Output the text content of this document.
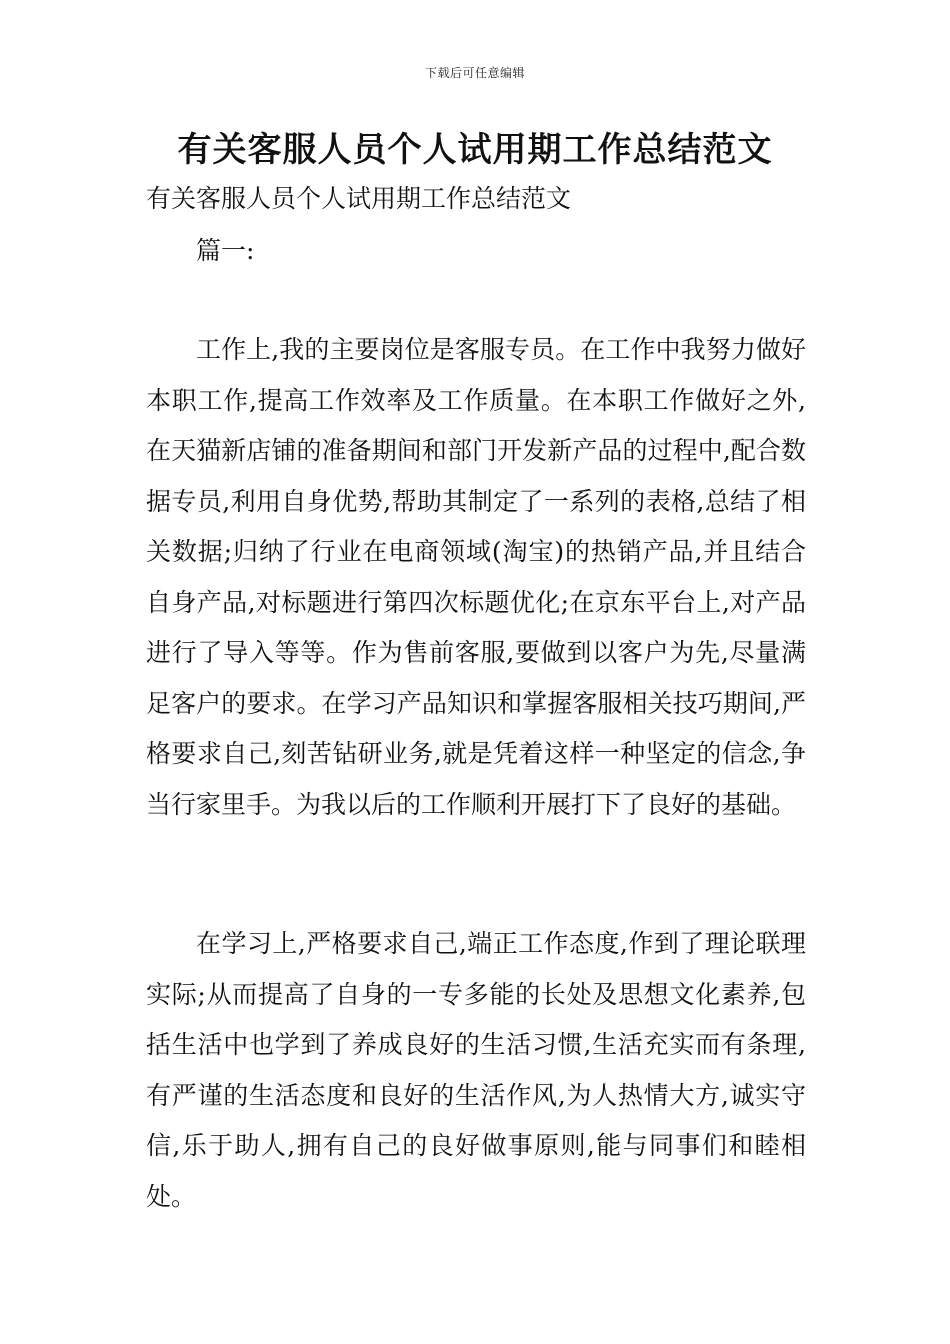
下载后可任意编辑
有关客服人员个人试用期工作总结范文
有关客服人员个人试用期工作总结范文
篇一:

工作上,我的主要岗位是客服专员。在工作中我努力做好本职工作,提高工作效率及工作质量。在本职工作做好之外,在天猫新店铺的准备期间和部门开发新产品的过程中,配合数据专员,利用自身优势,帮助其制定了一系列的表格,总结了相关数据;归纳了行业在电商领域(淘宝)的热销产品,并且结合自身产品,对标题进行第四次标题优化;在京东平台上,对产品进行了导入等等。作为售前客服,要做到以客户为先,尽量满足客户的要求。在学习产品知识和掌握客服相关技巧期间,严格要求自己,刻苦钻研业务,就是凭着这样一种坚定的信念,争当行家里手。为我以后的工作顺利开展打下了良好的基础。

在学习上,严格要求自己,端正工作态度,作到了理论联理实际;从而提高了自身的一专多能的长处及思想文化素养,包括生活中也学到了养成良好的生活习惯,生活充实而有条理,有严谨的生活态度和良好的生活作风,为人热情大方,诚实守信,乐于助人,拥有自己的良好做事原则,能与同事们和睦相处。
